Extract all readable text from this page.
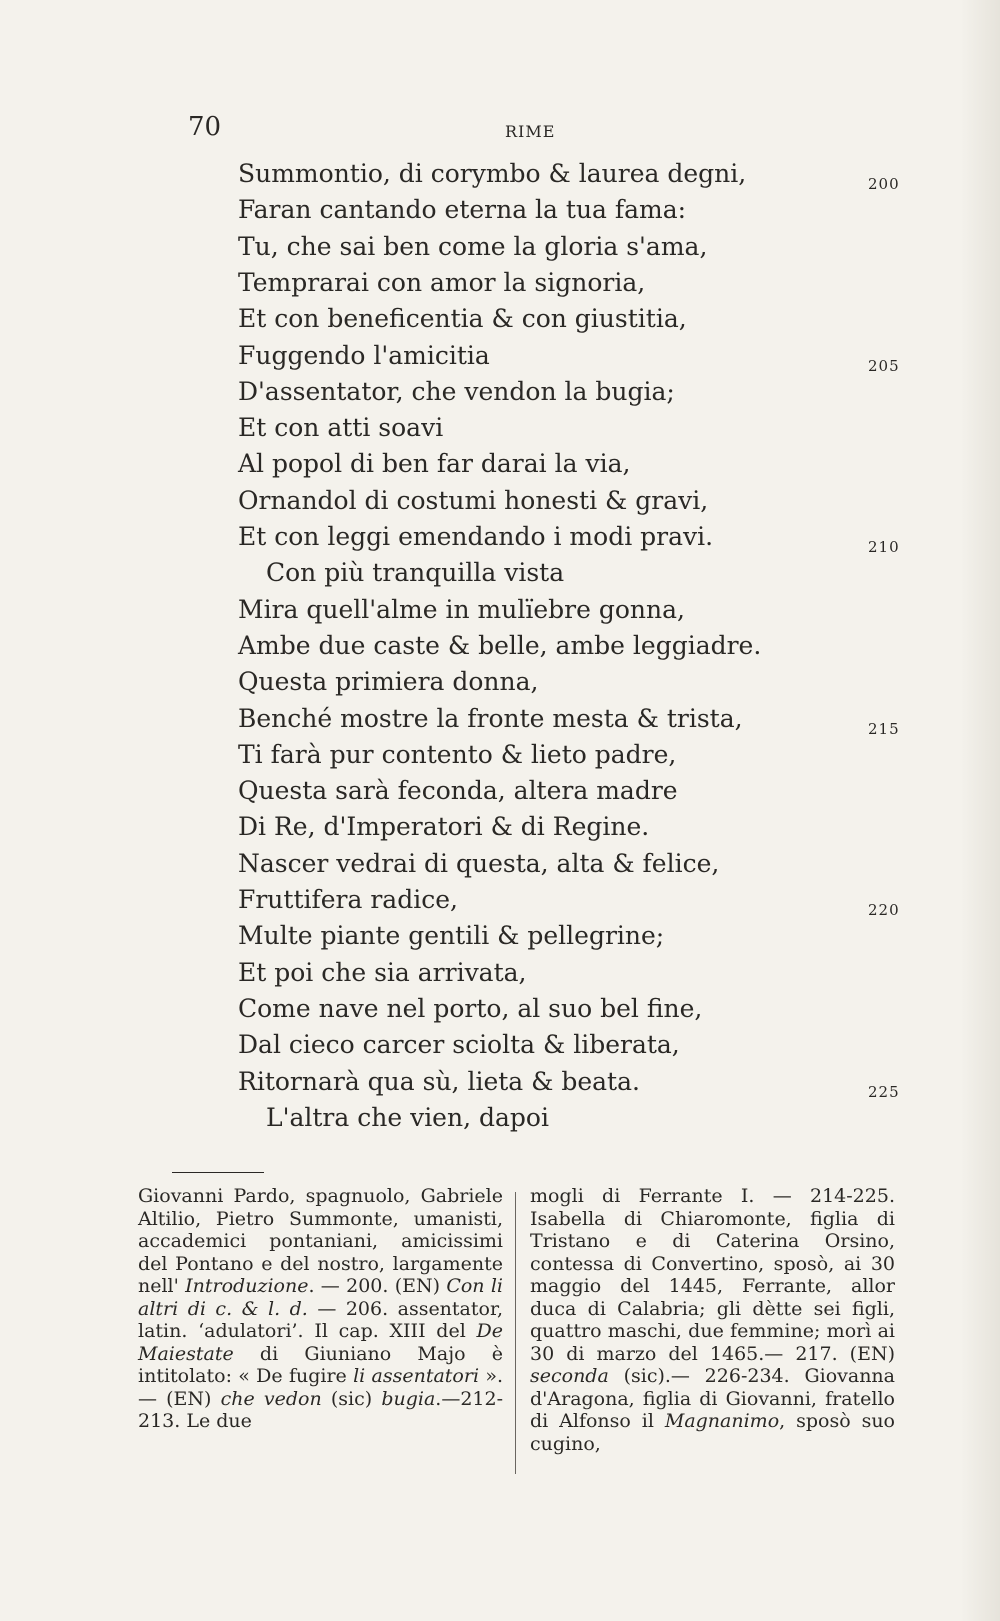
70	RIME
Summontio, di corymbo & laurea degni,
Faran cantando eterna la tua fama:
Tu, che sai ben come la gloria s'ama,
Temprarai con amor la signoria,
Et con beneficentia & con giustitia,
Fuggendo l'amicitia
D'assentator, che vendon la bugia;
Et con atti soavi
Al popol di ben far darai la via,
Ornandol di costumi honesti & gravi,
Et con leggi emendando i modi pravi.
Con più tranquilla vista
Mira quell'alme in mulïebre gonna,
Ambe due caste & belle, ambe leggiadre.
Questa primiera donna,
Benché mostre la fronte mesta & trista,
Ti farà pur contento & lieto padre,
Questa sarà feconda, altera madre
Di Re, d'Imperatori & di Regine.
Nascer vedrai di questa, alta & felice,
Fruttifera radice,
Multe piante gentili & pellegrine;
Et poi che sia arrivata,
Come nave nel porto, al suo bel fine,
Dal cieco carcer sciolta & liberata,
Ritornarà qua sù, lieta & beata.
L'altra che vien, dapoi
200
205
210
215
220
225
Giovanni Pardo, spagnuolo, Gabriele Altilio, Pietro Summonte, umanisti, accademici pontaniani, amicissimi del Pontano e del nostro, largamente nell' Introduzione. — 200. (EN) Con li altri di c. & l. d. — 206. assentator, latin. ‘adulatori’. Il cap. XIII del De Maiestate di Giuniano Majo è intitolato: « De fugire li assentatori ». — (EN) che vedon (sic) bugia.—212-213. Le due
mogli di Ferrante I. — 214-225. Isabella di Chiaromonte, figlia di Tristano e di Caterina Orsino, contessa di Convertino, sposò, ai 30 maggio del 1445, Ferrante, allor duca di Calabria; gli dètte sei figli, quattro maschi, due femmine; morì ai 30 di marzo del 1465.— 217. (EN) seconda (sic).— 226-234. Giovanna d'Aragona, figlia di Giovanni, fratello di Alfonso il Magnanimo, sposò suo cugino,
